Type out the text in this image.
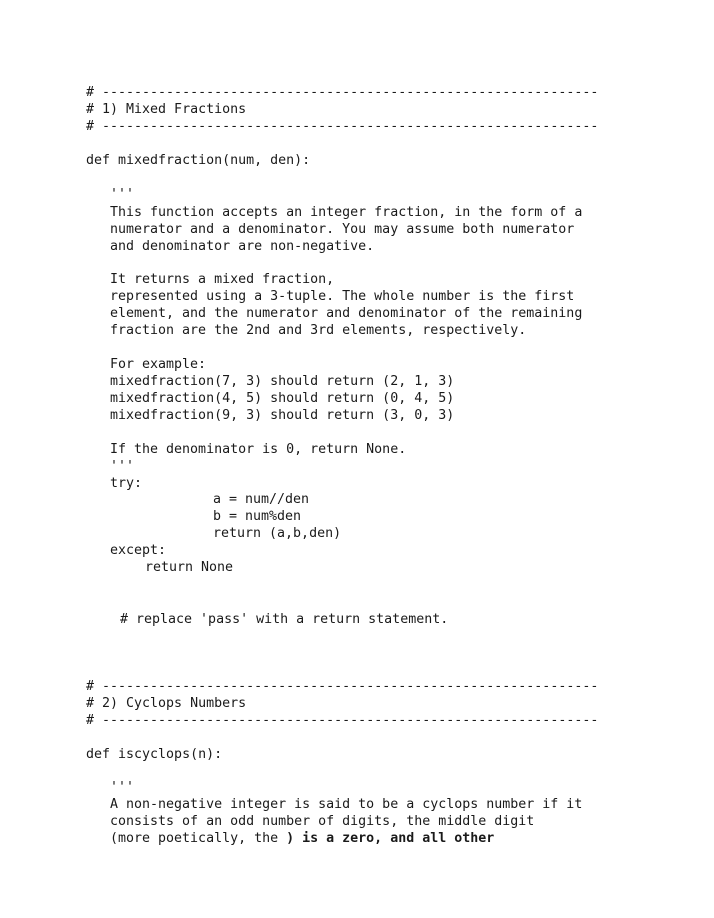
# --------------------------------------------------------------
# 1) Mixed Fractions
# --------------------------------------------------------------
def mixedfraction(num, den):
'''
This function accepts an integer fraction, in the form of a
numerator and a denominator. You may assume both numerator
and denominator are non-negative.
It returns a mixed fraction,
represented using a 3-tuple. The whole number is the first
element, and the numerator and denominator of the remaining
fraction are the 2nd and 3rd elements, respectively.
For example:
mixedfraction(7, 3) should return (2, 1, 3)
mixedfraction(4, 5) should return (0, 4, 5)
mixedfraction(9, 3) should return (3, 0, 3)
If the denominator is 0, return None.
'''
try:
a = num//den
b = num%den
return (a,b,den)
except:
return None
# replace 'pass' with a return statement.
# --------------------------------------------------------------
# 2) Cyclops Numbers
# --------------------------------------------------------------
def iscyclops(n):
'''
A non-negative integer is said to be a cyclops number if it
consists of an odd number of digits, the middle digit
(more poetically, the ) is a zero, and all other
